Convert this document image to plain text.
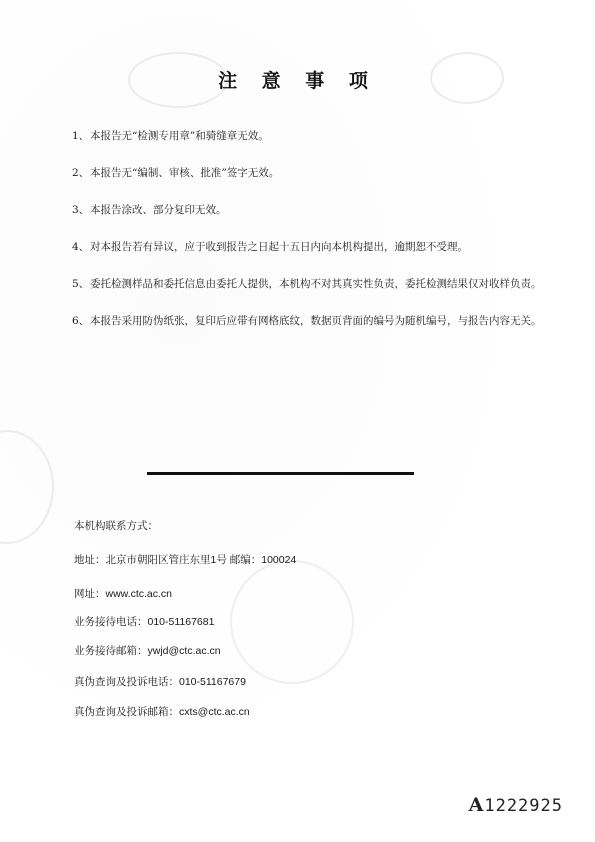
注 意 事 项
1、 本报告无“检测专用章”和骑缝章无效。
2、 本报告无“编制、审核、批准”签字无效。
3、 本报告涂改、部分复印无效。
4、 对本报告若有异议，应于收到报告之日起十五日内向本机构提出，逾期恕不受理。
5、 委托检测样品和委托信息由委托人提供，本机构不对其真实性负责，委托检测结果仅对收样负责。
6、 本报告采用防伪纸张，复印后应带有网格底纹，数据页背面的编号为随机编号，与报告内容无关。
本机构联系方式：
地址：北京市朝阳区管庄东里1号 邮编：100024
网址：www.ctc.ac.cn
业务接待电话：010-51167681
业务接待邮箱：ywjd@ctc.ac.cn
真伪查询及投诉电话：010-51167679
真伪查询及投诉邮箱：cxts@ctc.ac.cn
A1222925
